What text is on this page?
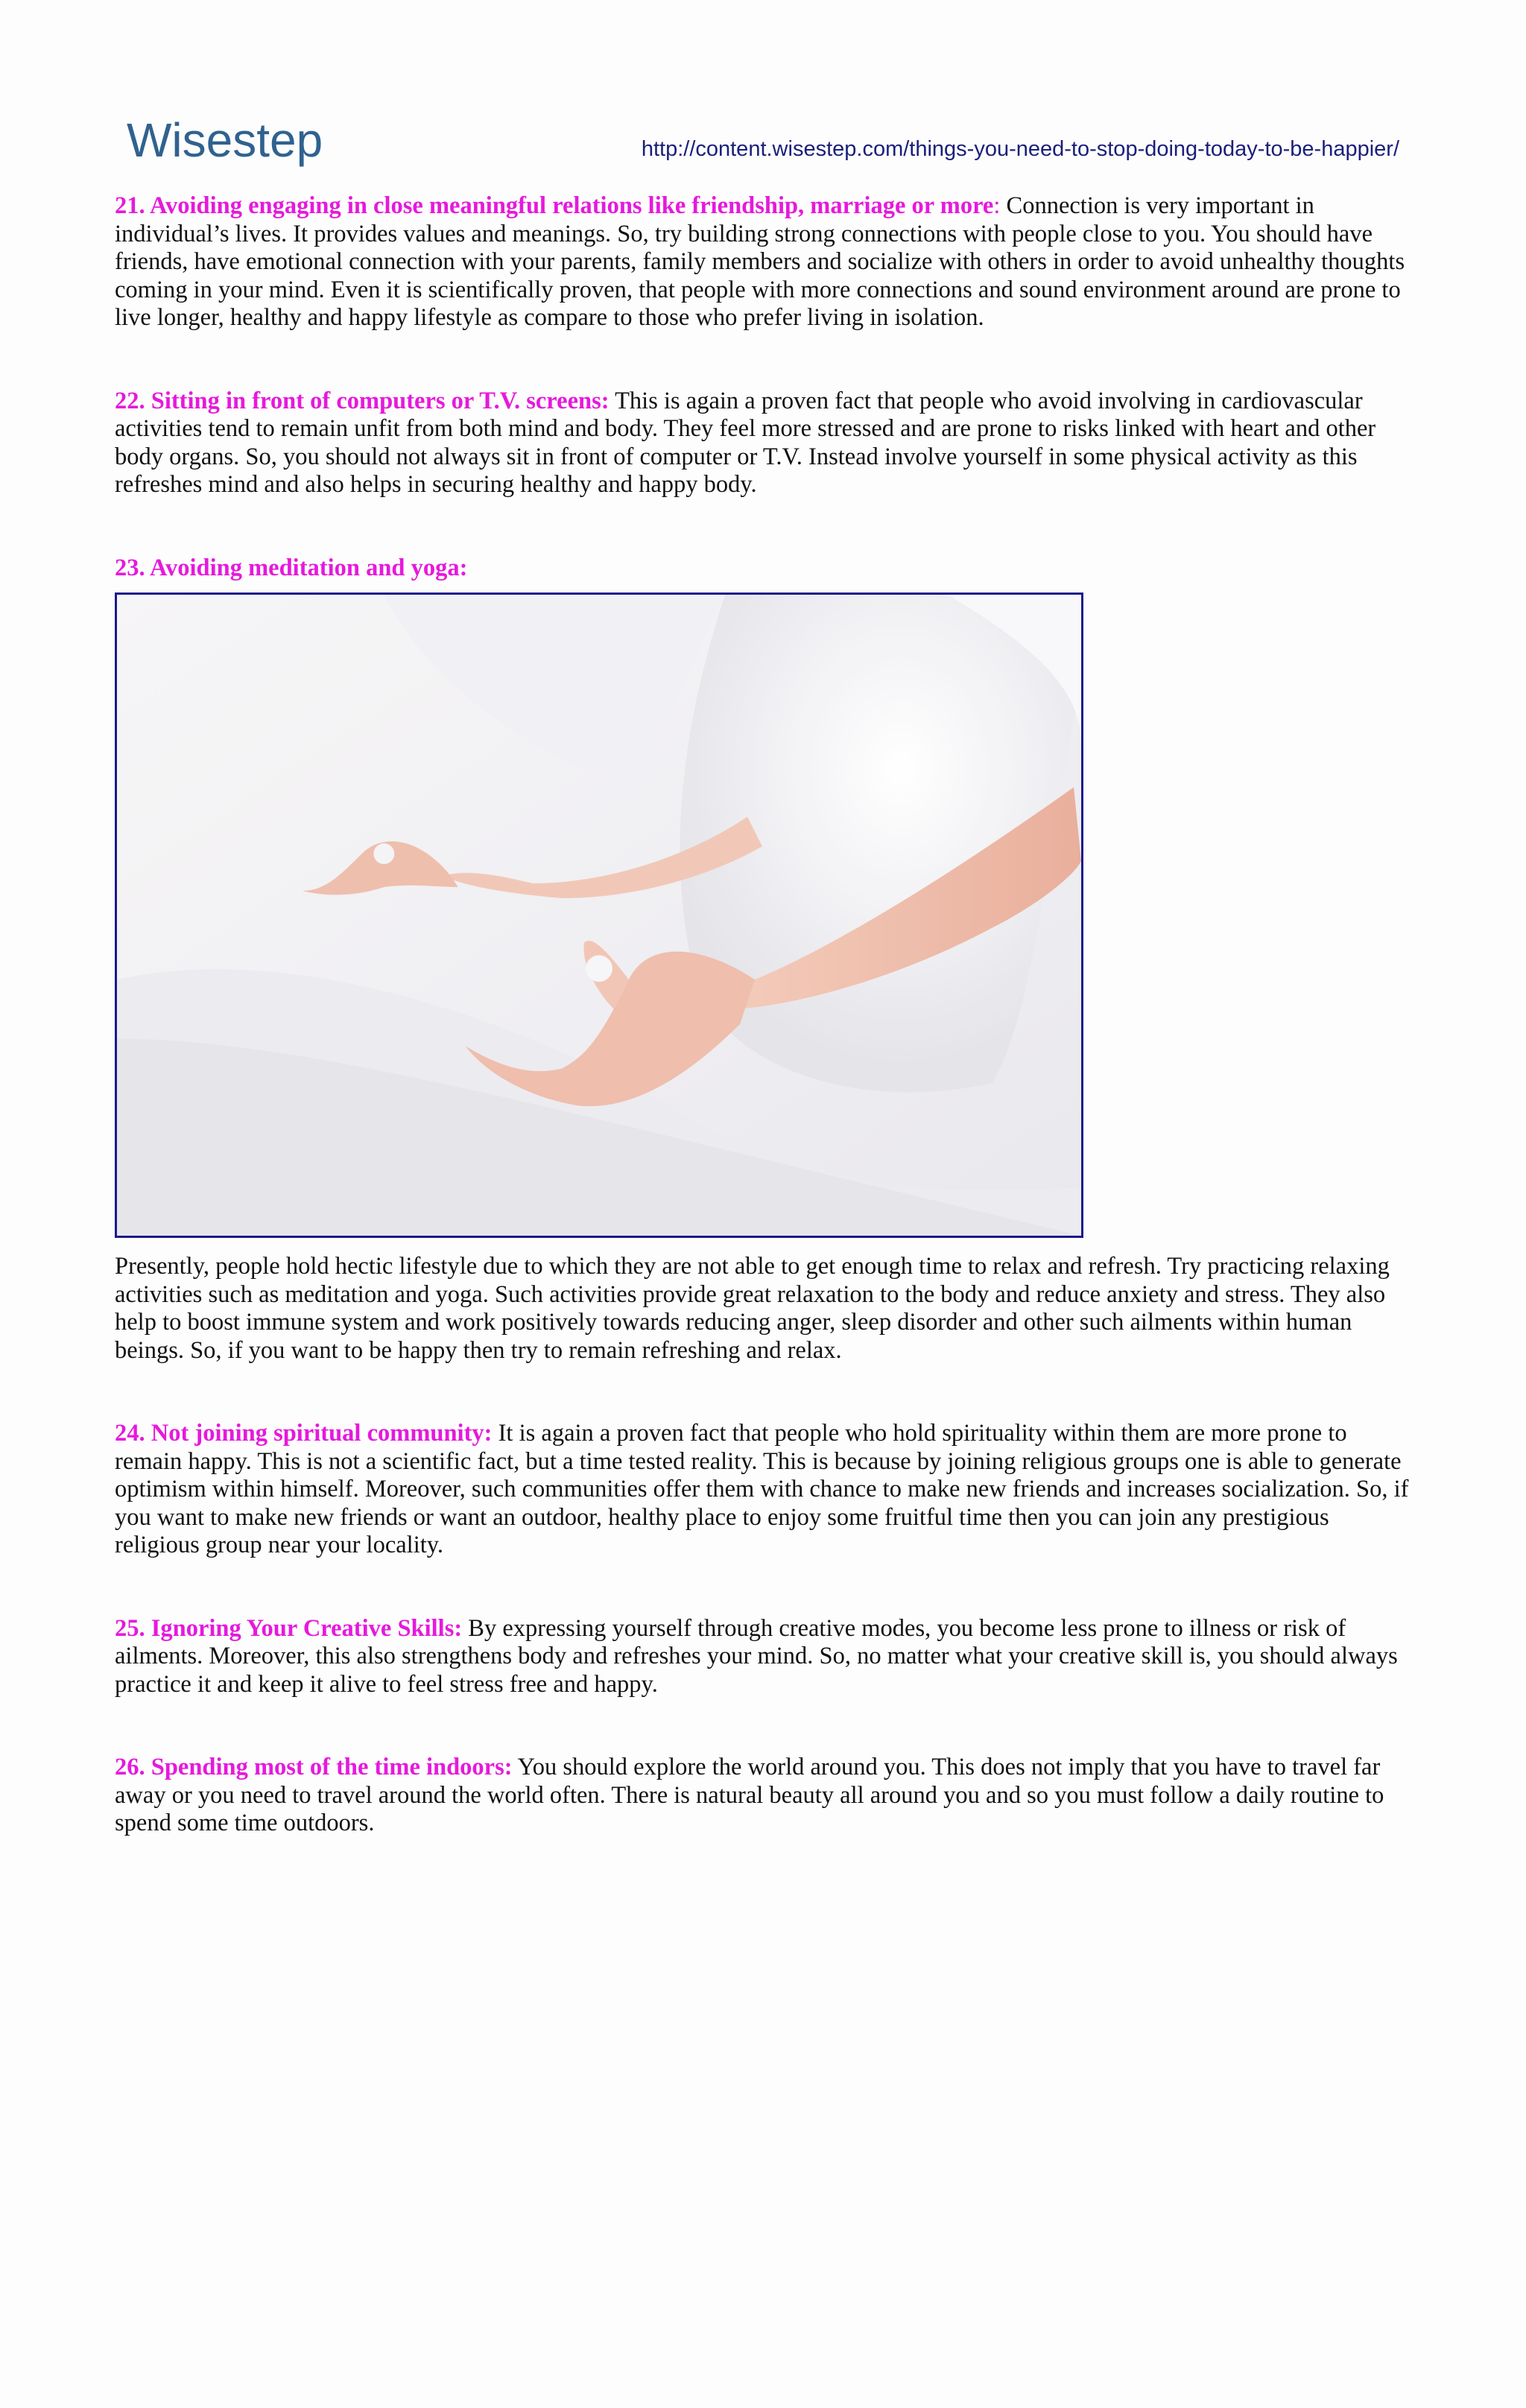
Wisestep	http://content.wisestep.com/things-you-need-to-stop-doing-today-to-be-happier/

21. Avoiding engaging in close meaningful relations like friendship, marriage or more: Connection is very important in individual’s lives. It provides values and meanings. So, try building strong connections with people close to you. You should have friends, have emotional connection with your parents, family members and socialize with others in order to avoid unhealthy thoughts coming in your mind. Even it is scientifically proven, that people with more connections and sound environment around are prone to live longer, healthy and happy lifestyle as compare to those who prefer living in isolation.

22. Sitting in front of computers or T.V. screens: This is again a proven fact that people who avoid involving in cardiovascular activities tend to remain unfit from both mind and body. They feel more stressed and are prone to risks linked with heart and other body organs. So, you should not always sit in front of computer or T.V. Instead involve yourself in some physical activity as this refreshes mind and also helps in securing healthy and happy body.

23. Avoiding meditation and yoga:

Presently, people hold hectic lifestyle due to which they are not able to get enough time to relax and refresh. Try practicing relaxing activities such as meditation and yoga. Such activities provide great relaxation to the body and reduce anxiety and stress. They also help to boost immune system and work positively towards reducing anger, sleep disorder and other such ailments within human beings. So, if you want to be happy then try to remain refreshing and relax.

24. Not joining spiritual community: It is again a proven fact that people who hold spirituality within them are more prone to remain happy. This is not a scientific fact, but a time tested reality. This is because by joining religious groups one is able to generate optimism within himself. Moreover, such communities offer them with chance to make new friends and increases socialization. So, if you want to make new friends or want an outdoor, healthy place to enjoy some fruitful time then you can join any prestigious religious group near your locality.

25. Ignoring Your Creative Skills: By expressing yourself through creative modes, you become less prone to illness or risk of ailments. Moreover, this also strengthens body and refreshes your mind. So, no matter what your creative skill is, you should always practice it and keep it alive to feel stress free and happy.

26. Spending most of the time indoors: You should explore the world around you. This does not imply that you have to travel far away or you need to travel around the world often. There is natural beauty all around you and so you must follow a daily routine to spend some time outdoors.
